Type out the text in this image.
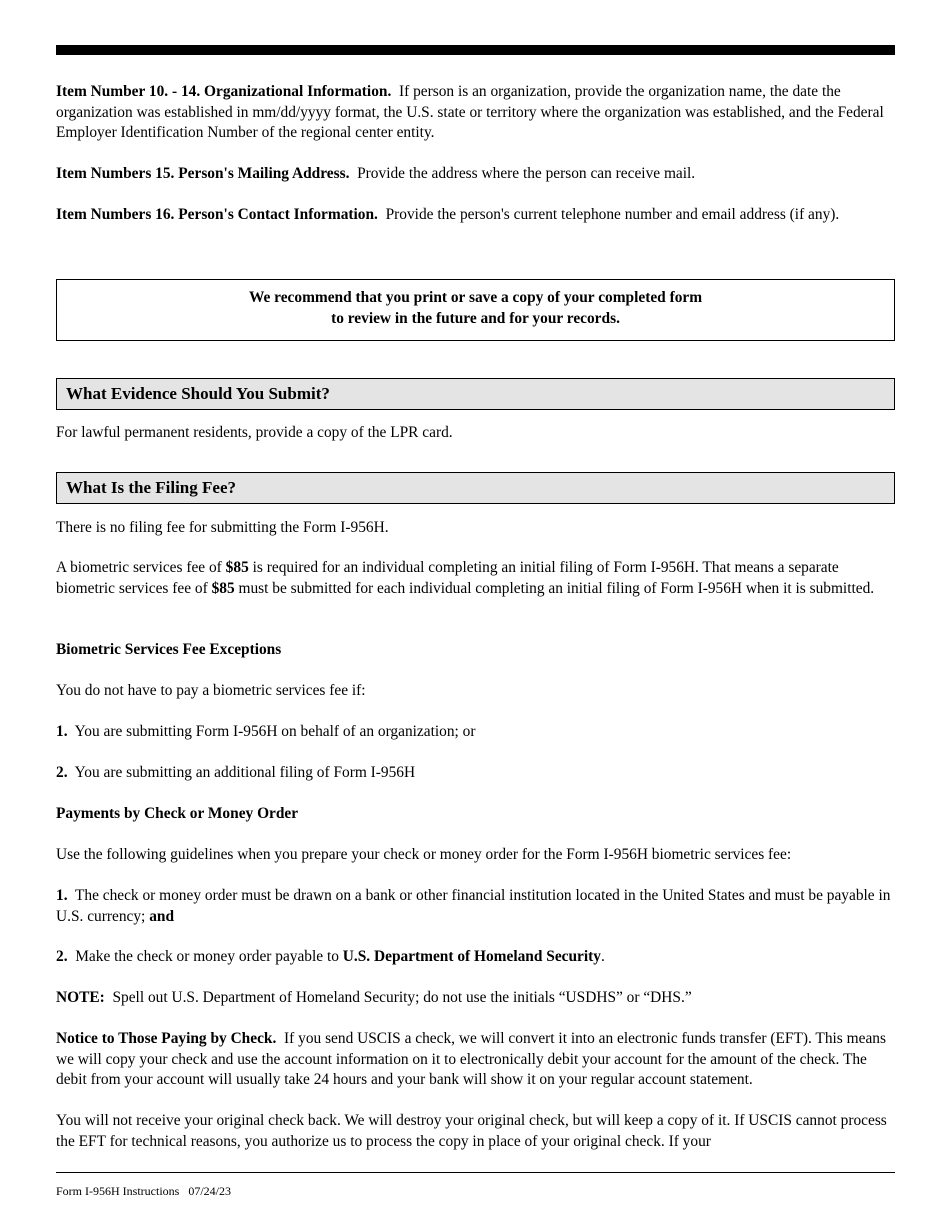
Item Number 10. - 14. Organizational Information. If person is an organization, provide the organization name, the date the organization was established in mm/dd/yyyy format, the U.S. state or territory where the organization was established, and the Federal Employer Identification Number of the regional center entity.

Item Numbers 15. Person's Mailing Address. Provide the address where the person can receive mail.

Item Numbers 16. Person's Contact Information. Provide the person's current telephone number and email address (if any).

We recommend that you print or save a copy of your completed form
to review in the future and for your records.
What Evidence Should You Submit?

For lawful permanent residents, provide a copy of the LPR card.

What Is the Filing Fee?

There is no filing fee for submitting the Form I-956H.

A biometric services fee of $85 is required for an individual completing an initial filing of Form I-956H. That means a separate biometric services fee of $85 must be submitted for each individual completing an initial filing of Form I-956H when it is submitted.

Biometric Services Fee Exceptions

You do not have to pay a biometric services fee if:

1. You are submitting Form I-956H on behalf of an organization; or

2. You are submitting an additional filing of Form I-956H

Payments by Check or Money Order

Use the following guidelines when you prepare your check or money order for the Form I-956H biometric services fee:

1. The check or money order must be drawn on a bank or other financial institution located in the United States and must be payable in U.S. currency; and

2. Make the check or money order payable to U.S. Department of Homeland Security.

NOTE: Spell out U.S. Department of Homeland Security; do not use the initials “USDHS” or “DHS.”

Notice to Those Paying by Check. If you send USCIS a check, we will convert it into an electronic funds transfer (EFT). This means we will copy your check and use the account information on it to electronically debit your account for the amount of the check. The debit from your account will usually take 24 hours and your bank will show it on your regular account statement.

You will not receive your original check back. We will destroy your original check, but will keep a copy of it. If USCIS cannot process the EFT for technical reasons, you authorize us to process the copy in place of your original check. If your

Form I-956H Instructions 07/24/23
